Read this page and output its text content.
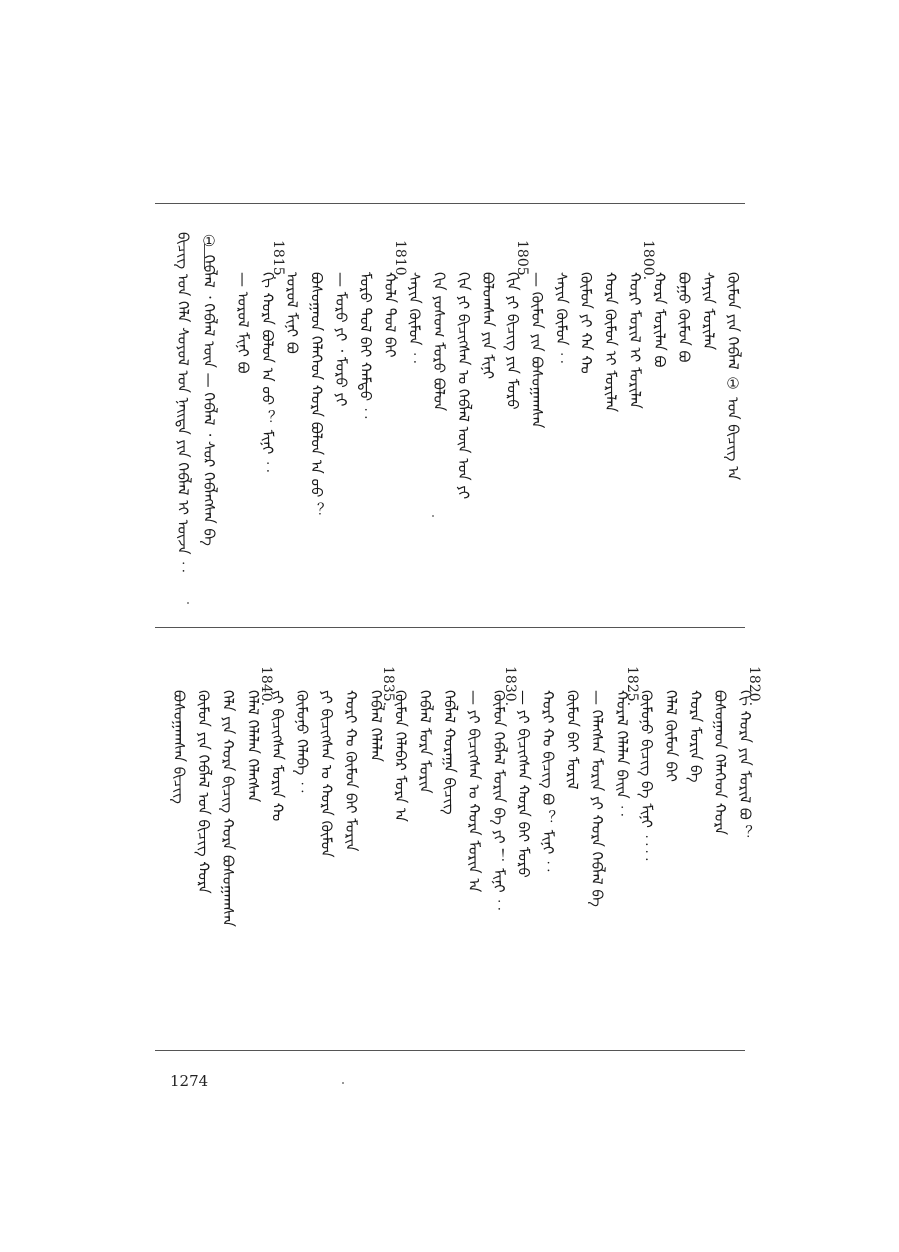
ᠪᠢᠴᠢᠭ ᠤᠨ ᠬᠡᠯᠡ ᠰᠤᠶᠤᠯ ᠤᠨ ᠨᠡᠢᠲᠡ ᠶᠢᠨ ᠬᠡᠪᠯᠡᠯ ᠢ ᠦᠵᠡ ︰ ① ᠬᠡᠪᠯᠡᠯ ᠂ ᠬᠡᠪᠯᠡᠯ ᠦᠨ — ᠬᠡᠪᠯᠡᠯ ᠂ ᠰᠤᠷ ᠬᠡᠪᠯᠡᠭᠰᠡᠨ ᠪᠡ — ᠤᠷᠤᠯ ᠮᠢᠨᠢ ᠪᠤ ᠬᠢ ᠬᠤᠷᠠ ᠪᠤᠯᠤᠨ ᠠ ᠤᠤ ？ ᠮᠢᠨᠢ ︰ ᠤᠷᠤᠯ ᠮᠢᠨᠢ ᠪᠤ ᠪᠤᠰᠤᠭᠠᠳ ᠬᠡᠯᠡᠭᠡᠳ ᠬᠤᠷᠠ ᠪᠤᠯᠤᠨ ᠠ ᠤᠤ ？ — ᠮᠤᠷᠤ ᠶᠢ ᠂ ᠮᠤᠷᠤ ᠶᠢ ᠮᠤᠷᠤ ᠲᠤᠯ ᠪᠠᠢ ᠬᠠᠮᠲᠤ ︰ ᠬᠤᠯᠠ ᠲᠤᠯ ᠪᠠᠢ ᠰᠠᠶᠢᠨ ᠬᠦᠮᠦᠨ ︰ ᠬᠢᠨ ᠶᠤᠰᠤᠭ ᠮᠤᠷᠤ ᠪᠤᠯᠤᠨ ᠬᠢᠨ ᠶᠢ ᠪᠢᠴᠢᠭᠰᠡᠨ ᠤ ᠬᠡᠪᠯᠡᠯ ᠦᠨ ᠤᠨ ᠶᠢ ᠪᠤᠯᠤᠭᠰᠠᠨ ᠶᠢᠨ ᠮᠢᠨᠢ ᠬᠢᠨ ᠶᠢ ᠪᠢᠴᠢᠭ ᠶᠢᠨ ᠮᠤᠷᠤ — ᠬᠦᠮᠦᠨ ᠶᠢᠨ ᠪᠤᠰᠤᠭᠠᠭᠰᠠᠨ ᠰᠠᠶᠢᠨ ᠬᠦᠮᠦᠨ ︰ ᠬᠦᠮᠦᠨ ᠶᠢ ᠬᠠ ᠬᠤ ᠬᠤᠷᠠ ᠬᠦᠮᠦᠨ ᠢ ᠮᠤᠷᠢᠯᠠᠨ ᠬᠤᠷᠢ ᠮᠤᠷᠢᠯ ᠢ ᠮᠤᠷᠢᠯᠠᠨ ᠬᠤᠷᠠ ᠮᠤᠷᠢᠯᠠᠨ ᠪᠤ ᠪᠤᠭᠤ ᠬᠦᠮᠦᠨ ᠪᠤ ᠰᠠᠶᠢᠨ ᠮᠤᠷᠢᠯᠠᠨ ᠬᠦᠮᠦᠨ ᠶᠢᠨ ᠬᠡᠪᠯᠡᠯ ① ᠤᠨ ᠪᠢᠴᠢᠭ ᠠ
1815.	1810.	1805.	1800.
ᠪᠤᠰᠤᠭᠠᠭᠰᠠᠨ ᠪᠢᠴᠢᠭ ᠬᠦᠮᠦᠨ ᠶᠢᠨ ᠬᠡᠪᠯᠡᠯ ᠤᠨ ᠪᠢᠴᠢᠭ ᠬᠤᠷᠠ ᠬᠡᠯᠡ ᠶᠢᠨ ᠬᠤᠷᠠ ᠪᠢᠴᠢᠭ ᠬᠤᠷᠠ ᠪᠤᠰᠤᠭᠠᠭᠰᠠᠨ ᠬᠡᠯᠡᠯ ᠬᠡᠯᠡᠯᠡᠨ ᠬᠡᠯᠡᠭᠰᠡᠨ ᠶᠢ ᠪᠢᠴᠢᠭᠰᠡᠨ ᠮᠤᠷᠢᠨ ᠬᠤ ᠬᠦᠮᠦᠨᠦ ᠬᠡᠯᠡᠪᠡ ︰ ᠶᠢ ᠪᠢᠴᠢᠭᠰᠡᠨ ᠤ ᠬᠤᠷᠠ ᠬᠦᠮᠦᠨ ᠬᠤᠷᠢ ᠬᠤ ᠬᠦᠮᠦᠨ ᠪᠠᠢ ᠮᠤᠷᠢᠨ ᠬᠡᠪᠯᠡᠯ ᠬᠡᠯᠡᠯᠡᠨ ᠬᠦᠮᠦᠨ ᠬᠡᠯᠡᠪᠡᠷ ᠮᠤᠷᠠ ᠠ ᠬᠡᠪᠯᠡᠯ ᠮᠤᠷᠠ ᠮᠤᠷᠢᠨ ᠬᠡᠪᠯᠡᠯ ᠬᠤᠷᠠᠭᠠ ᠪᠢᠴᠢᠭ — ᠶᠢ ᠪᠢᠴᠢᠭᠰᠡᠨ ᠤ ᠬᠤᠷᠠ ᠮᠤᠷᠢᠨ ᠠ ᠬᠦᠮᠦᠨ ᠬᠡᠪᠯᠡᠯ ᠮᠤᠷᠢᠨ ᠪᠠ ᠶᠢ ！ ᠮᠢᠨᠢ ︰ — ᠶᠢ ᠪᠢᠴᠢᠭᠰᠡᠨ ᠬᠤᠷᠠ ᠪᠠᠢ ᠮᠤᠷᠤ ᠬᠤᠷᠢ ᠬᠤ ᠪᠢᠴᠢᠭ ᠪᠤ ？ ᠮᠢᠨᠢ ︰ ᠬᠦᠮᠦᠨ ᠪᠠᠢ ᠮᠤᠷᠢᠯ — ᠬᠡᠯᠡᠭᠰᠡᠨ ᠮᠤᠷᠢᠨ ᠶᠢ ᠬᠤᠷᠠ ᠬᠡᠪᠯᠡᠯ ᠪᠠ ᠬᠤᠷᠠᠯ ᠬᠡᠯᠡᠯᠡᠨ ᠪᠠᠢᠨ ︰ ᠬᠦᠮᠦᠨᠦ ᠪᠢᠴᠢᠭ ᠪᠠ ᠮᠢᠨᠢ ︰︰ ᠬᠡᠯᠡᠯ ᠬᠦᠮᠦᠨ ᠪᠠᠢ ᠬᠤᠷᠠ ᠮᠤᠷᠢᠨ ᠪᠠ ᠪᠤᠰᠤᠭᠠᠳ ᠬᠡᠯᠡᠭᠡᠳ ᠬᠤᠷᠠ ᠬᠢ ᠬᠤᠷᠠ ᠶᠢᠨ ᠮᠤᠷᠢᠯ ᠪᠤ ？
1840.	1835.	1830.	1825.	1820.
1274
